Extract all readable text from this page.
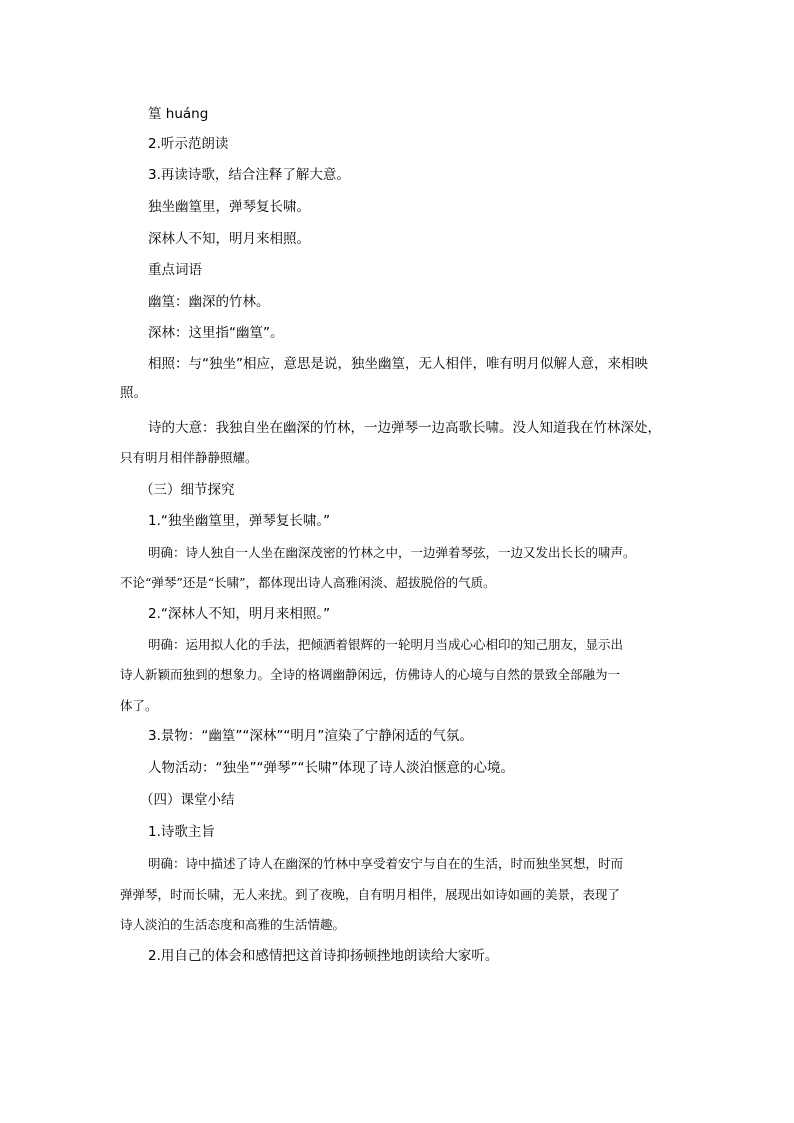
篁 huáng
2.听示范朗读
3.再读诗歌，结合注释了解大意。
独坐幽篁里，弹琴复长啸。
深林人不知，明月来相照。
重点词语
幽篁：幽深的竹林。
深林：这里指“幽篁”。
相照：与“独坐”相应，意思是说，独坐幽篁，无人相伴，唯有明月似解人意，来相映
照。
诗的大意：我独自坐在幽深的竹林，一边弹琴一边高歌长啸。没人知道我在竹林深处，
只有明月相伴静静照耀。
（三）细节探究
1.“独坐幽篁里，弹琴复长啸。”
明确：诗人独自一人坐在幽深茂密的竹林之中，一边弹着琴弦，一边又发出长长的啸声。
不论“弹琴”还是“长啸”，都体现出诗人高雅闲淡、超拔脱俗的气质。
2.“深林人不知，明月来相照。”
明确：运用拟人化的手法，把倾洒着银辉的一轮明月当成心心相印的知己朋友，显示出
诗人新颖而独到的想象力。全诗的格调幽静闲远，仿佛诗人的心境与自然的景致全部融为一
体了。
3.景物：“幽篁”“深林”“明月”渲染了宁静闲适的气氛。
人物活动：“独坐”“弹琴”“长啸”体现了诗人淡泊惬意的心境。
（四）课堂小结
1.诗歌主旨
明确：诗中描述了诗人在幽深的竹林中享受着安宁与自在的生活，时而独坐冥想，时而
弹弹琴，时而长啸，无人来扰。到了夜晚，自有明月相伴，展现出如诗如画的美景，表现了
诗人淡泊的生活态度和高雅的生活情趣。
2.用自己的体会和感情把这首诗抑扬顿挫地朗读给大家听。
